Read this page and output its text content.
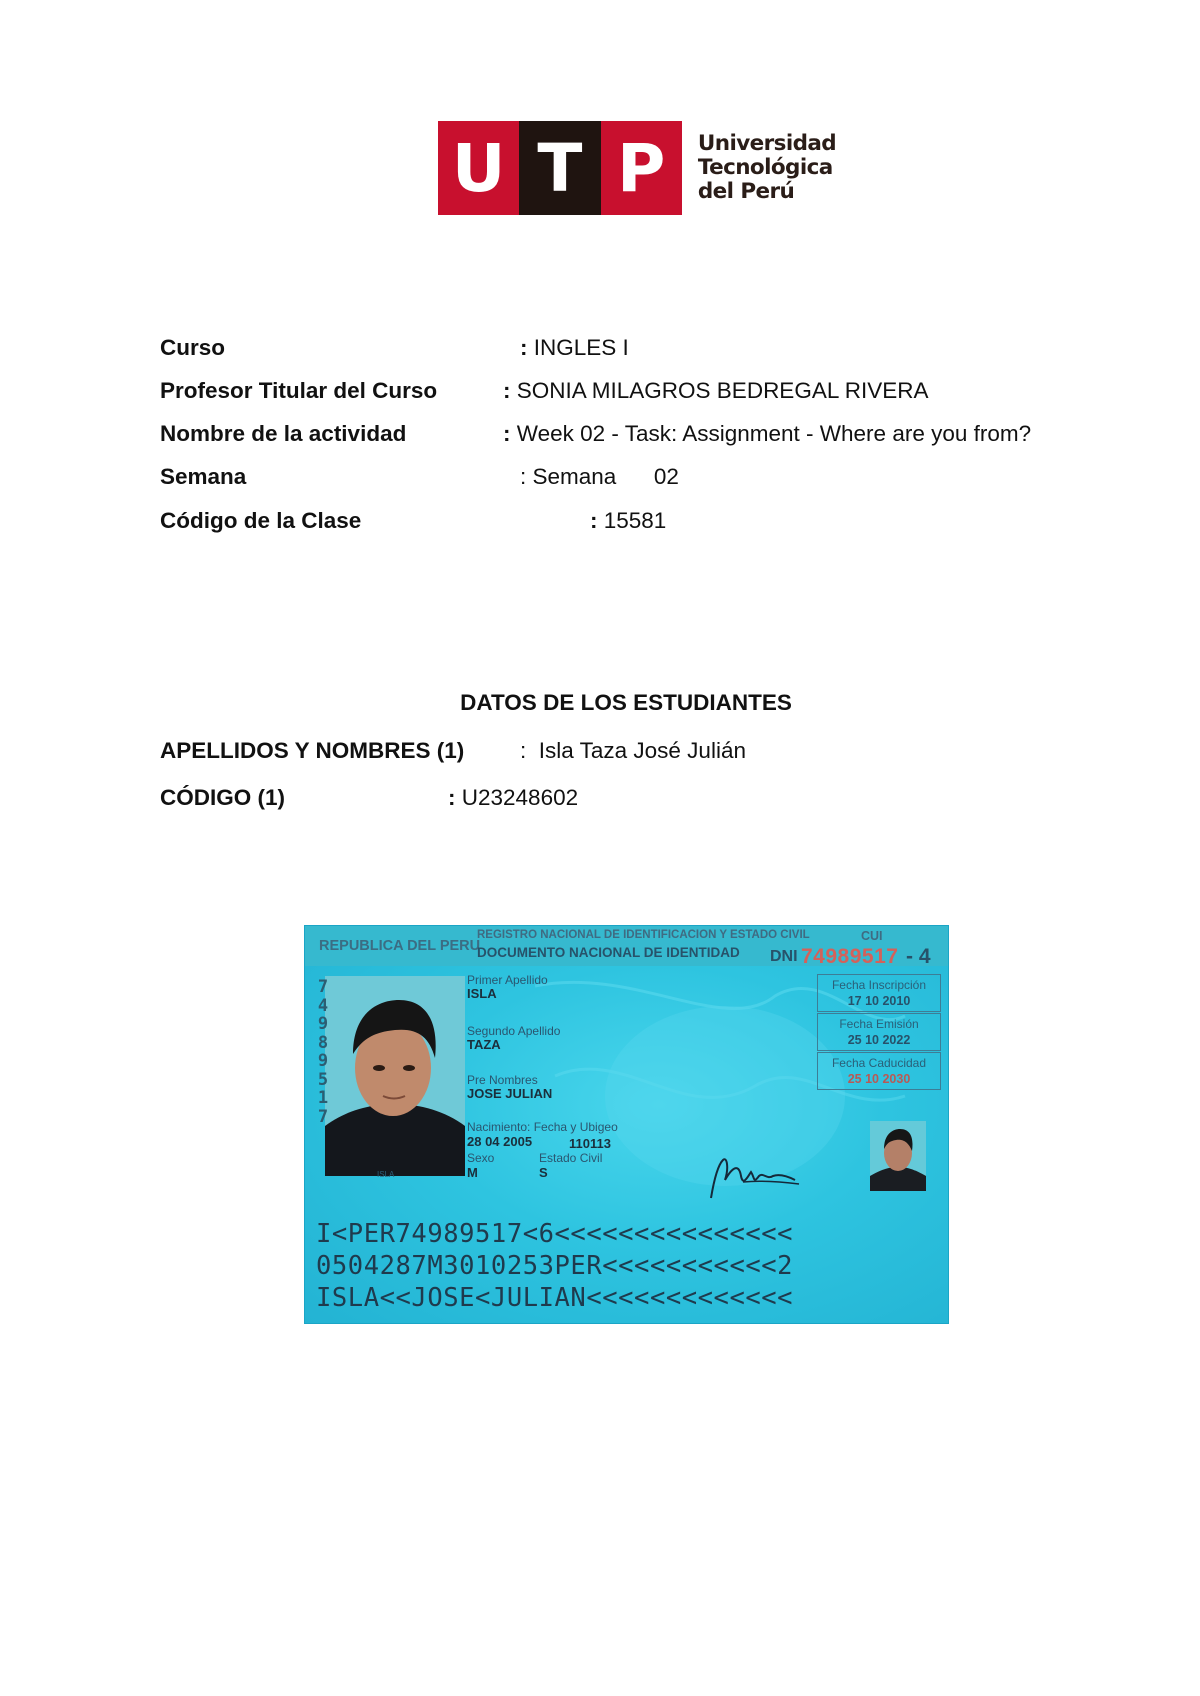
U T P	Universidad
Tecnológica
del Perú
Curso	: INGLES I
Profesor Titular del Curso	: SONIA MILAGROS BEDREGAL RIVERA
Nombre de la actividad	: Week 02 - Task: Assignment - Where are you from?
Semana	: Semana      02
Código de la Clase	: 15581
DATOS DE LOS ESTUDIANTES
APELLIDOS Y NOMBRES (1) :  Isla Taza José Julián
CÓDIGO (1)	: U23248602
REPUBLICA DEL PERU
REGISTRO NACIONAL DE IDENTIFICACION Y ESTADO CIVIL
DOCUMENTO NACIONAL DE IDENTIDAD
CUI
DNI 74989517 - 4
7
4
9
8
9
5
1
7
ISLA
Primer Apellido
ISLA
Segundo Apellido
TAZA
Pre Nombres
JOSE JULIAN
Nacimiento: Fecha y Ubigeo
28 04 2005	110113
Sexo	Estado Civil
M	S
Fecha Inscripción
17 10 2010
Fecha Emisión
25 10 2022
Fecha Caducidad
25 10 2030
I<PER74989517<6<<<<<<<<<<<<<<<
0504287M3010253PER<<<<<<<<<<<2
ISLA<<JOSE<JULIAN<<<<<<<<<<<<<
